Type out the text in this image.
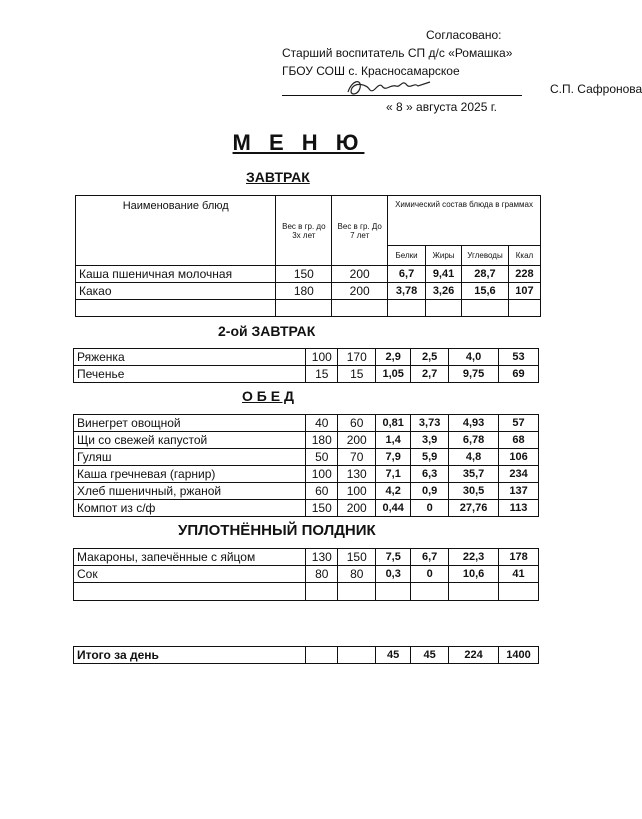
Согласовано:
Старший воспитатель СП д/с «Ромашка»
ГБОУ СОШ с. Красносамарское
С.П. Сафронова
« 8 » августа 2025 г.
М Е Н Ю
ЗАВТРАК
Наименование блюд	Вес в гр. до 3х лет	Вес в гр. До 7 лет	Химический состав блюда в граммах			
			Белки	Жиры	Углеводы	Ккал
Каша пшеничная молочная	150	200	6,7	9,41	28,7	228
Какао	180	200	3,78	3,26	15,6	107

2-ой ЗАВТРАК
Ряженка	100	170	2,9	2,5	4,0	53
Печенье	15	15	1,05	2,7	9,75	69
О Б Е Д
Винегрет овощной	40	60	0,81	3,73	4,93	57
Щи со свежей капустой	180	200	1,4	3,9	6,78	68
Гуляш	50	70	7,9	5,9	4,8	106
Каша гречневая (гарнир)	100	130	7,1	6,3	35,7	234
Хлеб пшеничный, ржаной	60	100	4,2	0,9	30,5	137
Компот из с/ф	150	200	0,44	0	27,76	113
УПЛОТНЁННЫЙ ПОЛДНИК
Макароны, запечённые с яйцом	130	150	7,5	6,7	22,3	178
Сок	80	80	0,3	0	10,6	41

Итого за день			45	45	224	1400
